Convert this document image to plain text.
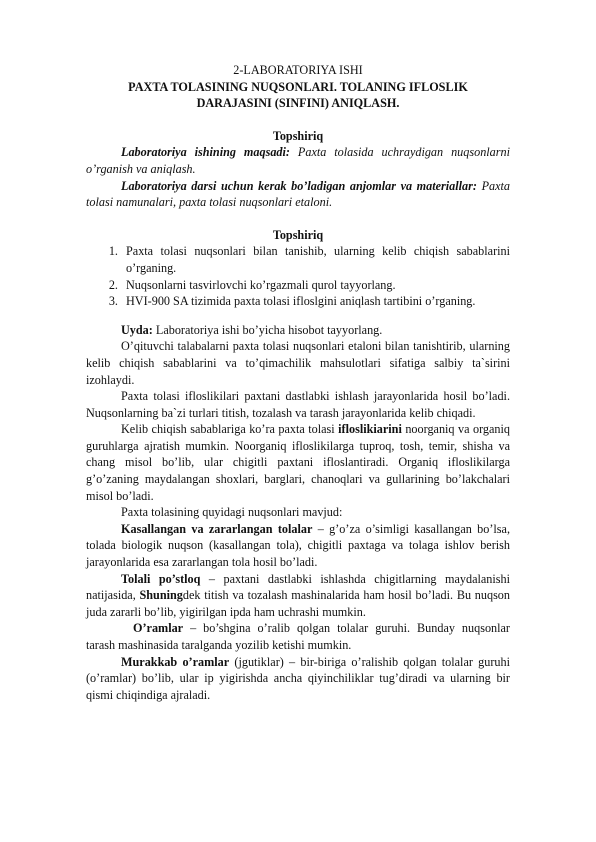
2-LABORATORIYA ISHI
PAXTA TOLASINING NUQSONLARI. TOLANING IFLOSLIK
DARAJASINI (SINFINI) ANIQLASH.
Topshiriq

Laboratoriya ishining maqsadi: Paxta tolasida uchraydigan nuqsonlarni o’rganish va aniqlash.

Laboratoriya darsi uchun kerak bo’ladigan anjomlar va materiallar: Paxta tolasi namunalari, paxta tolasi nuqsonlari etaloni.

Topshiriq
1. Paxta tolasi nuqsonlari bilan tanishib, ularning kelib chiqish sabablarini o’rganing.
2. Nuqsonlarni tasvirlovchi ko’rgazmali qurol tayyorlang.
3. HVI-900 SA tizimida paxta tolasi ifloslgini aniqlash tartibini o’rganing.

Uyda: Laboratoriya ishi bo’yicha hisobot tayyorlang.

O’qituvchi talabalarni paxta tolasi nuqsonlari etaloni bilan tanishtirib, ularning kelib chiqish sabablarini va to’qimachilik mahsulotlari sifatiga salbiy ta`sirini izohlaydi.

Paxta tolasi ifloslikilari paxtani dastlabki ishlash jarayonlarida hosil bo’ladi. Nuqsonlarning ba`zi turlari titish, tozalash va tarash jarayonlarida kelib chiqadi.

Kelib chiqish sabablariga ko’ra paxta tolasi ifloslikiarini noorganiq va organiq guruhlarga ajratish mumkin. Noorganiq ifloslikilarga tuproq, tosh, temir, shisha va chang misol bo’lib, ular chigitli paxtani ifloslantiradi. Organiq ifloslikilarga g’o’zaning maydalangan shoxlari, barglari, chanoqlari va gullarining bo’lakchalari misol bo’ladi.

Paxta tolasining quyidagi nuqsonlari mavjud:

Kasallangan va zararlangan tolalar – g’o’za o’simligi kasallangan bo’lsa, tolada biologik nuqson (kasallangan tola), chigitli paxtaga va tolaga ishlov berish jarayonlarida esa zararlangan tola hosil bo’ladi.

Tolali po’stloq – paxtani dastlabki ishlashda chigitlarning maydalanishi natijasida, Shuningdek titish va tozalash mashinalarida ham hosil bo’ladi. Bu nuqson juda zararli bo’lib, yigirilgan ipda ham uchrashi mumkin.

O’ramlar – bo’shgina o’ralib qolgan tolalar guruhi. Bunday nuqsonlar tarash mashinasida taralganda yozilib ketishi mumkin.

Murakkab o’ramlar (jgutiklar) – bir-biriga o’ralishib qolgan tolalar guruhi (o’ramlar) bo’lib, ular ip yigirishda ancha qiyinchiliklar tug’diradi va ularning bir qismi chiqindiga ajraladi.
